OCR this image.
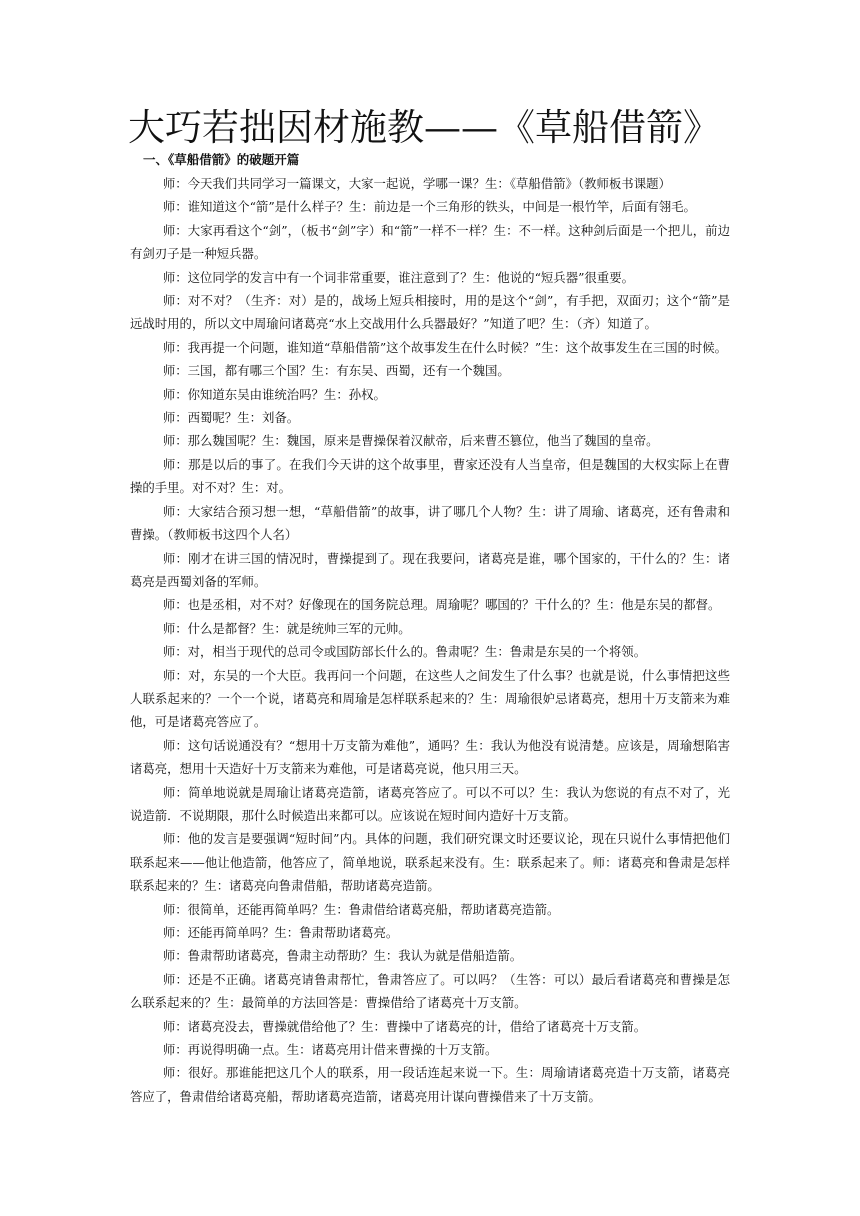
大巧若拙因材施教——《草船借箭》
一、《草船借箭》的破题开篇

师：今天我们共同学习一篇课文，大家一起说，学哪一课？生：《草船借箭》（教师板书课题）

师：谁知道这个“箭”是什么样子？生：前边是一个三角形的铁头，中间是一根竹竿，后面有翎毛。

师：大家再看这个“剑”，（板书“剑”字）和“箭”一样不一样？生：不一样。这种剑后面是一个把儿，前边有剑刃子是一种短兵器。

师：这位同学的发言中有一个词非常重要，谁注意到了？生：他说的“短兵器”很重要。

师：对不对？（生齐：对）是的，战场上短兵相接时，用的是这个“剑”，有手把，双面刃；这个“箭”是远战时用的，所以文中周瑜问诸葛亮“水上交战用什么兵器最好？”知道了吧？生：（齐）知道了。

师：我再提一个问题，谁知道“草船借箭”这个故事发生在什么时候？”生：这个故事发生在三国的时候。

师：三国，都有哪三个国？生：有东吴、西蜀，还有一个魏国。

师：你知道东吴由谁统治吗？生：孙权。

师：西蜀呢？生：刘备。

师：那么魏国呢？生：魏国，原来是曹操保着汉献帝，后来曹丕篡位，他当了魏国的皇帝。

师：那是以后的事了。在我们今天讲的这个故事里，曹家还没有人当皇帝，但是魏国的大权实际上在曹操的手里。对不对？生：对。

师：大家结合预习想一想，“草船借箭”的故事，讲了哪几个人物？生：讲了周瑜、诸葛亮，还有鲁肃和曹操。（教师板书这四个人名）

师：刚才在讲三国的情况时，曹操提到了。现在我要问，诸葛亮是谁，哪个国家的，干什么的？生：诸葛亮是西蜀刘备的军师。

师：也是丞相，对不对？好像现在的国务院总理。周瑜呢？哪国的？干什么的？生：他是东吴的都督。

师：什么是都督？生：就是统帅三军的元帅。

师：对，相当于现代的总司令或国防部长什么的。鲁肃呢？生：鲁肃是东吴的一个将领。

师：对，东吴的一个大臣。我再问一个问题，在这些人之间发生了什么事？也就是说，什么事情把这些人联系起来的？一个一个说，诸葛亮和周瑜是怎样联系起来的？生：周瑜很妒忌诸葛亮，想用十万支箭来为难他，可是诸葛亮答应了。

师：这句话说通没有？“想用十万支箭为难他”，通吗？生：我认为他没有说清楚。应该是，周瑜想陷害诸葛亮，想用十天造好十万支箭来为难他，可是诸葛亮说，他只用三天。

师：简单地说就是周瑜让诸葛亮造箭，诸葛亮答应了。可以不可以？生：我认为您说的有点不对了，光说造箭．不说期限，那什么时候造出来都可以。应该说在短时间内造好十万支箭。

师：他的发言是要强调“短时间”内。具体的问题，我们研究课文时还要议论，现在只说什么事情把他们联系起来——他让他造箭，他答应了，简单地说，联系起来没有。生：联系起来了。师：诸葛亮和鲁肃是怎样联系起来的？生：诸葛亮向鲁肃借船，帮助诸葛亮造箭。

师：很简单，还能再简单吗？生：鲁肃借给诸葛亮船，帮助诸葛亮造箭。

师：还能再简单吗？生：鲁肃帮助诸葛亮。

师：鲁肃帮助诸葛亮，鲁肃主动帮助？生：我认为就是借船造箭。

师：还是不正确。诸葛亮请鲁肃帮忙，鲁肃答应了。可以吗？（生答：可以）最后看诸葛亮和曹操是怎么联系起来的？生：最简单的方法回答是：曹操借给了诸葛亮十万支箭。

师：诸葛亮没去，曹操就借给他了？生：曹操中了诸葛亮的计，借给了诸葛亮十万支箭。

师：再说得明确一点。生：诸葛亮用计借来曹操的十万支箭。

师：很好。那谁能把这几个人的联系，用一段话连起来说一下。生：周瑜请诸葛亮造十万支箭，诸葛亮答应了，鲁肃借给诸葛亮船，帮助诸葛亮造箭，诸葛亮用计谋向曹操借来了十万支箭。
